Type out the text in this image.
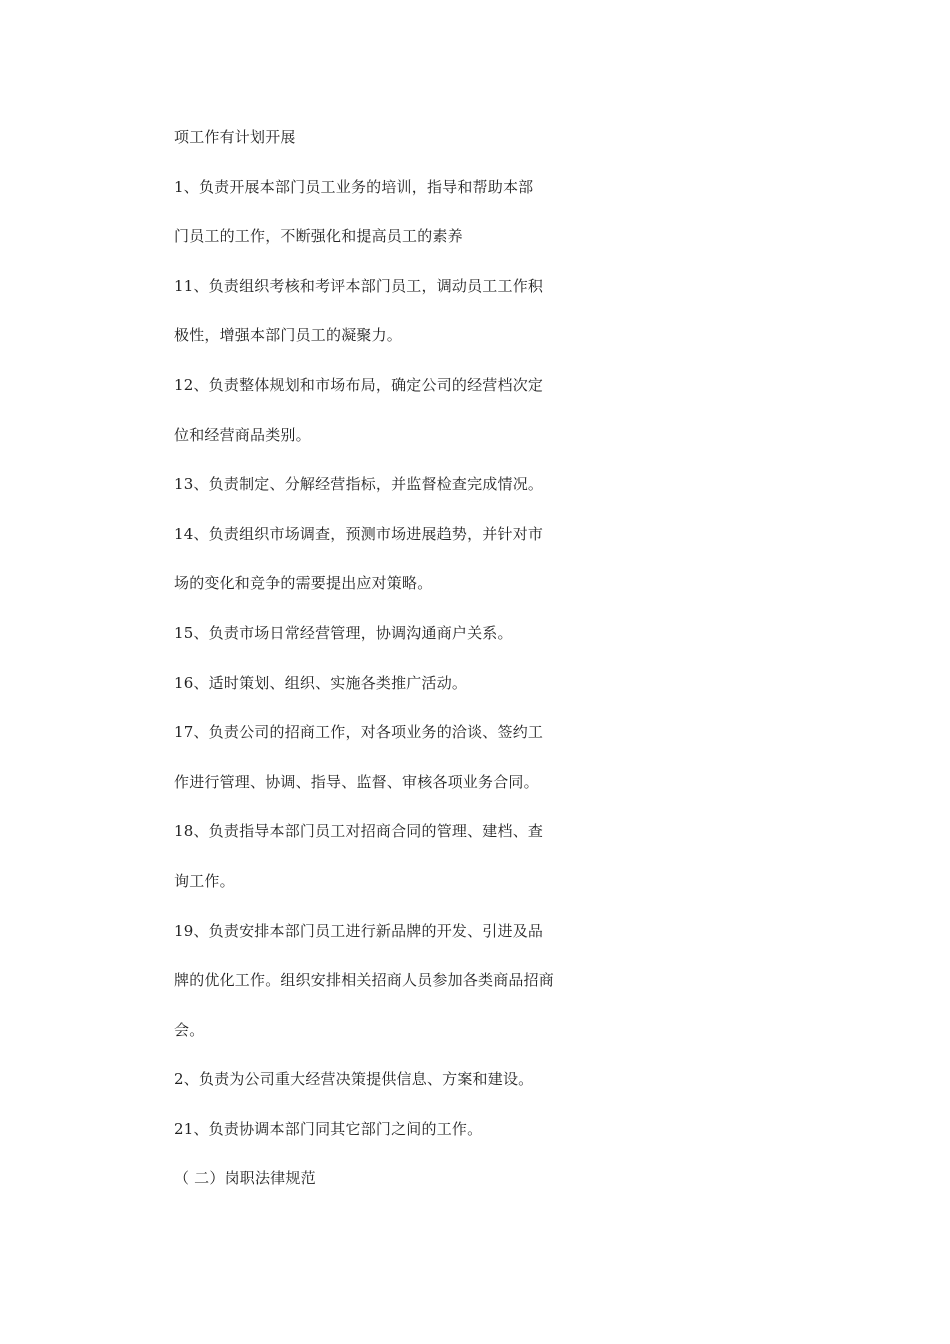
项工作有计划开展
1、负责开展本部门员工业务的培训，指导和帮助本部
门员工的工作，不断强化和提高员工的素养
11、负责组织考核和考评本部门员工，调动员工工作积
极性，增强本部门员工的凝聚力。
12、负责整体规划和市场布局，确定公司的经营档次定
位和经营商品类别。
13、负责制定、分解经营指标，并监督检查完成情况。
14、负责组织市场调查，预测市场进展趋势，并针对市
场的变化和竞争的需要提出应对策略。
15、负责市场日常经营管理，协调沟通商户关系。
16、适时策划、组织、实施各类推广活动。
17、负责公司的招商工作，对各项业务的洽谈、签约工
作进行管理、协调、指导、监督、审核各项业务合同。
18、负责指导本部门员工对招商合同的管理、建档、查
询工作。
19、负责安排本部门员工进行新品牌的开发、引进及品
牌的优化工作。组织安排相关招商人员参加各类商品招商
会。
2、负责为公司重大经营决策提供信息、方案和建设。
21、负责协调本部门同其它部门之间的工作。
（ 二）岗职法律规范
